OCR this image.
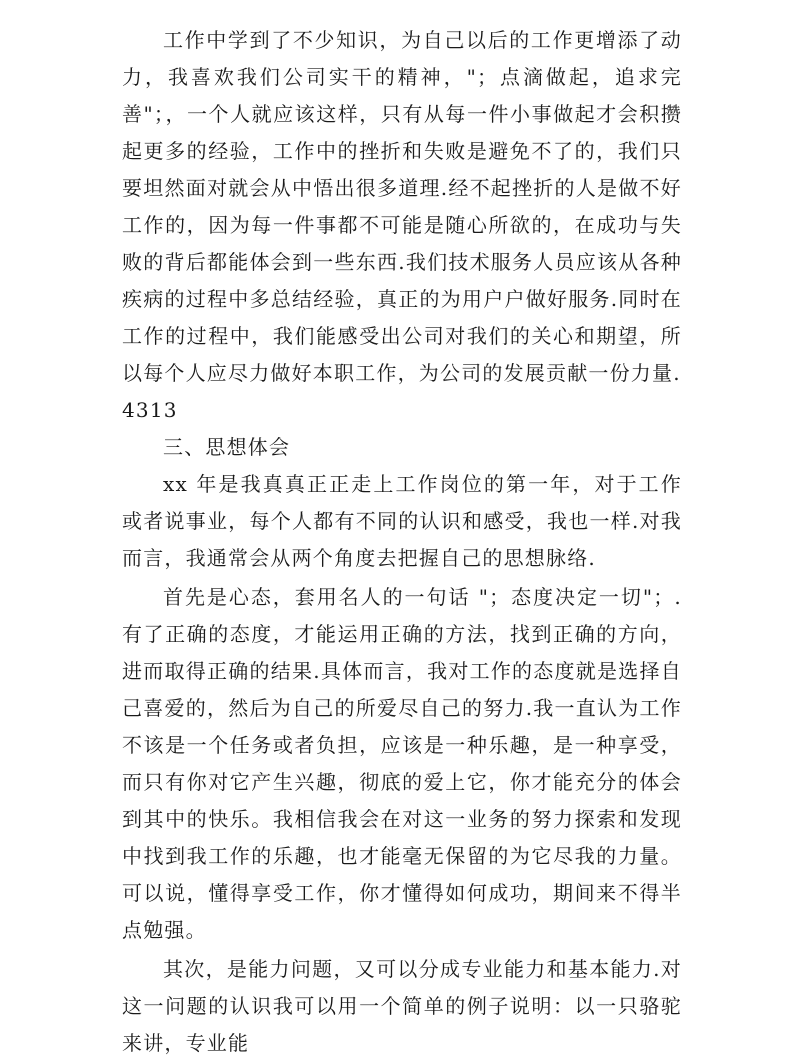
工作中学到了不少知识，为自己以后的工作更增添了动力，我喜欢我们公司实干的精神，"；点滴做起，追求完善"；，一个人就应该这样，只有从每一件小事做起才会积攒起更多的经验，工作中的挫折和失败是避免不了的，我们只要坦然面对就会从中悟出很多道理.经不起挫折的人是做不好工作的，因为每一件事都不可能是随心所欲的，在成功与失败的背后都能体会到一些东西.我们技术服务人员应该从各种疾病的过程中多总结经验，真正的为用户户做好服务.同时在工作的过程中，我们能感受出公司对我们的关心和期望，所以每个人应尽力做好本职工作，为公司的发展贡献一份力量.

4313

三、思想体会

xx 年是我真真正正走上工作岗位的第一年，对于工作或者说事业，每个人都有不同的认识和感受，我也一样.对我而言，我通常会从两个角度去把握自己的思想脉络.

首先是心态，套用名人的一句话 "；态度决定一切"；.有了正确的态度，才能运用正确的方法，找到正确的方向，进而取得正确的结果.具体而言，我对工作的态度就是选择自己喜爱的，然后为自己的所爱尽自己的努力.我一直认为工作不该是一个任务或者负担，应该是一种乐趣，是一种享受，而只有你对它产生兴趣，彻底的爱上它，你才能充分的体会到其中的快乐。我相信我会在对这一业务的努力探索和发现中找到我工作的乐趣，也才能毫无保留的为它尽我的力量。可以说，懂得享受工作，你才懂得如何成功，期间来不得半点勉强。

其次，是能力问题，又可以分成专业能力和基本能力.对这一问题的认识我可以用一个简单的例子说明：以一只骆驼来讲，专业能
